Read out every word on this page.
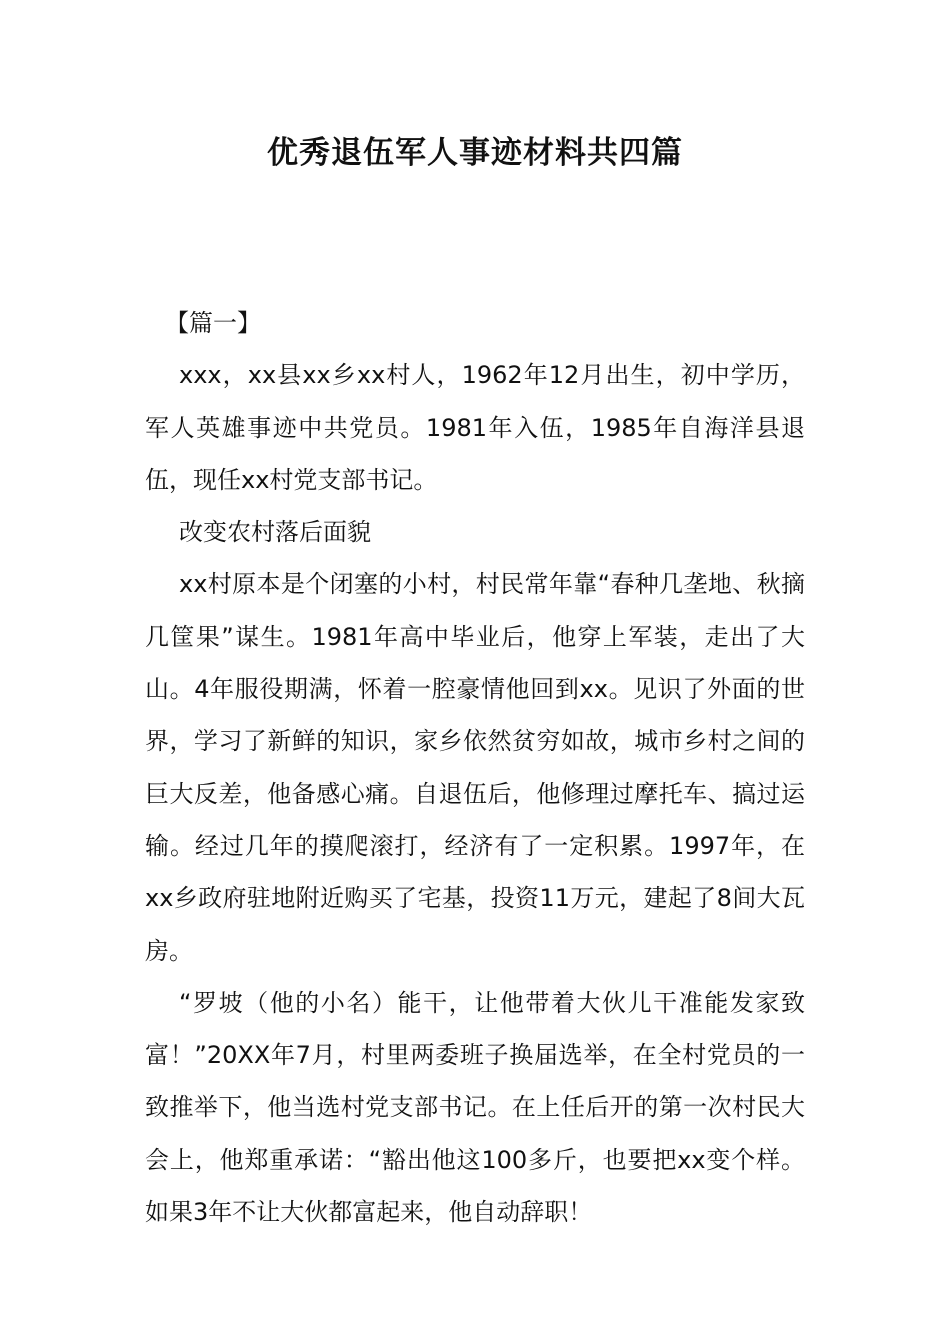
优秀退伍军人事迹材料共四篇

【篇一】

xxx，xx县xx乡xx村人，1962年12月出生，初中学历，军人英雄事迹中共党员。1981年入伍，1985年自海洋县退伍，现任xx村党支部书记。

改变农村落后面貌

xx村原本是个闭塞的小村，村民常年靠“春种几垄地、秋摘几筐果”谋生。1981年高中毕业后，他穿上军装，走出了大山。4年服役期满，怀着一腔豪情他回到xx。见识了外面的世界，学习了新鲜的知识，家乡依然贫穷如故，城市乡村之间的巨大反差，他备感心痛。自退伍后，他修理过摩托车、搞过运输。经过几年的摸爬滚打，经济有了一定积累。1997年，在xx乡政府驻地附近购买了宅基，投资11万元，建起了8间大瓦房。

“罗坡（他的小名）能干，让他带着大伙儿干准能发家致富！”20XX年7月，村里两委班子换届选举，在全村党员的一致推举下，他当选村党支部书记。在上任后开的第一次村民大会上，他郑重承诺：“豁出他这100多斤，也要把xx变个样。如果3年不让大伙都富起来，他自动辞职！
